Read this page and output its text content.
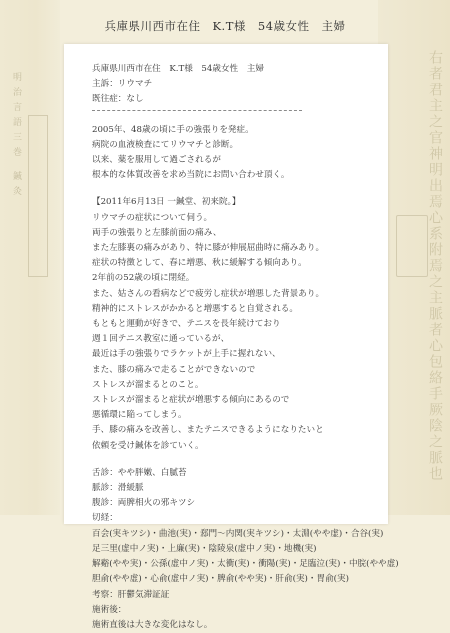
明治言語三巻 鍼灸	右者君主之官神明出焉心系附焉之主脈者心包絡手厥陰之脈也
兵庫県川西市在住　K.T様　54歳女性　主婦
兵庫県川西市在住　K.T様　54歳女性　主婦
主訴：リウマチ
既往症：なし
2005年、48歳の頃に手の強張りを発症。
病院の血液検査にてリウマチと診断。
以来、薬を服用して過ごされるが
根本的な体質改善を求め当院にお問い合わせ頂く。
【2011年6月13日 一鍼堂、初来院。】
リウマチの症状について伺う。
両手の強張りと左膝前面の痛み、
また左膝裏の痛みがあり、特に膝が伸展屈曲時に痛みあり。
症状の特徴として、春に増悪、秋に緩解する傾向あり。
2年前の52歳の頃に閉経。
また、姑さんの看病などで疲労し症状が増悪した背景あり。
精神的にストレスがかかると増悪すると自覚される。
もともと運動が好きで、テニスを長年続けており
週１回テニス教室に通っているが、
最近は手の強張りでラケットが上手に握れない、
また、膝の痛みで走ることができないので
ストレスが溜まるとのこと。
ストレスが溜まると症状が増悪する傾向にあるので
悪循環に陥ってしまう。
手、膝の痛みを改善し、またテニスできるようになりたいと
依頼を受け鍼体を診ていく。
舌診：やや胖嫩、白膩苔
脈診：滑緩脈
腹診：両脾相火の邪キツシ
切経：
百会(実キツシ)・曲池(実)・郄門〜内関(実キツシ)・太淵(やや虚)・合谷(実)
足三里(虚中ノ実)・上廉(実)・陰陵泉(虚中ノ実)・地機(実)
解谿(やや実)・公孫(虚中ノ実)・太衝(実)・衝陽(実)・足臨泣(実)・中脘(やや虚)
胆俞(やや虚)・心俞(虚中ノ実)・脾俞(やや実)・肝俞(実)・胃俞(実)
考察：肝鬱気滞証証
施術後：
施術直後は大きな変化はなし。
